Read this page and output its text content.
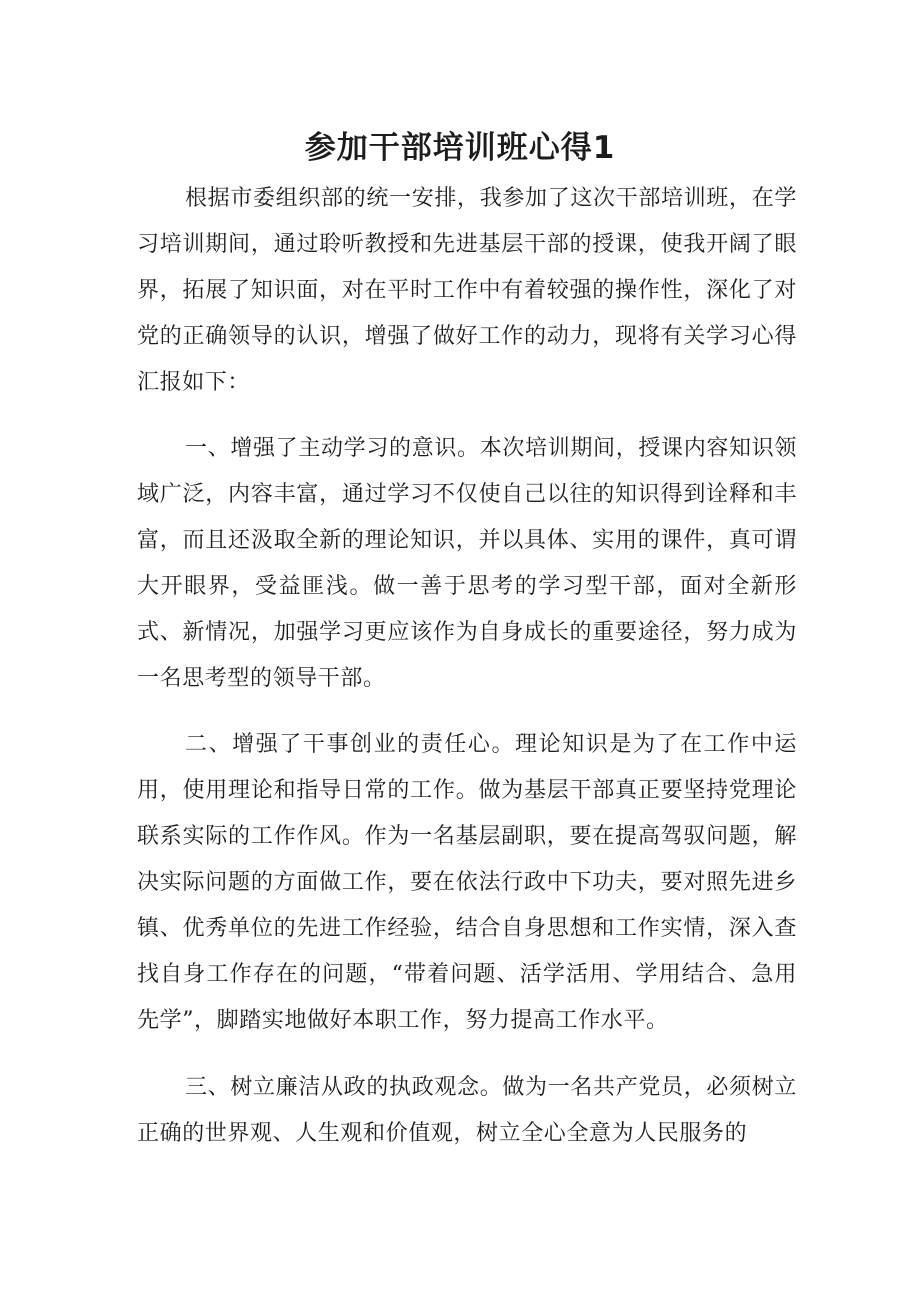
参加干部培训班心得1

根据市委组织部的统一安排，我参加了这次干部培训班，在学习培训期间，通过聆听教授和先进基层干部的授课，使我开阔了眼界，拓展了知识面，对在平时工作中有着较强的操作性，深化了对党的正确领导的认识，增强了做好工作的动力，现将有关学习心得汇报如下：

一、增强了主动学习的意识。本次培训期间，授课内容知识领域广泛，内容丰富，通过学习不仅使自己以往的知识得到诠释和丰富，而且还汲取全新的理论知识，并以具体、实用的课件，真可谓大开眼界，受益匪浅。做一善于思考的学习型干部，面对全新形式、新情况，加强学习更应该作为自身成长的重要途径，努力成为一名思考型的领导干部。

二、增强了干事创业的责任心。理论知识是为了在工作中运用，使用理论和指导日常的工作。做为基层干部真正要坚持党理论联系实际的工作作风。作为一名基层副职，要在提高驾驭问题，解决实际问题的方面做工作，要在依法行政中下功夫，要对照先进乡镇、优秀单位的先进工作经验，结合自身思想和工作实情，深入查找自身工作存在的问题，“带着问题、活学活用、学用结合、急用先学”，脚踏实地做好本职工作，努力提高工作水平。

三、树立廉洁从政的执政观念。做为一名共产党员，必须树立正确的世界观、人生观和价值观，树立全心全意为人民服务的
